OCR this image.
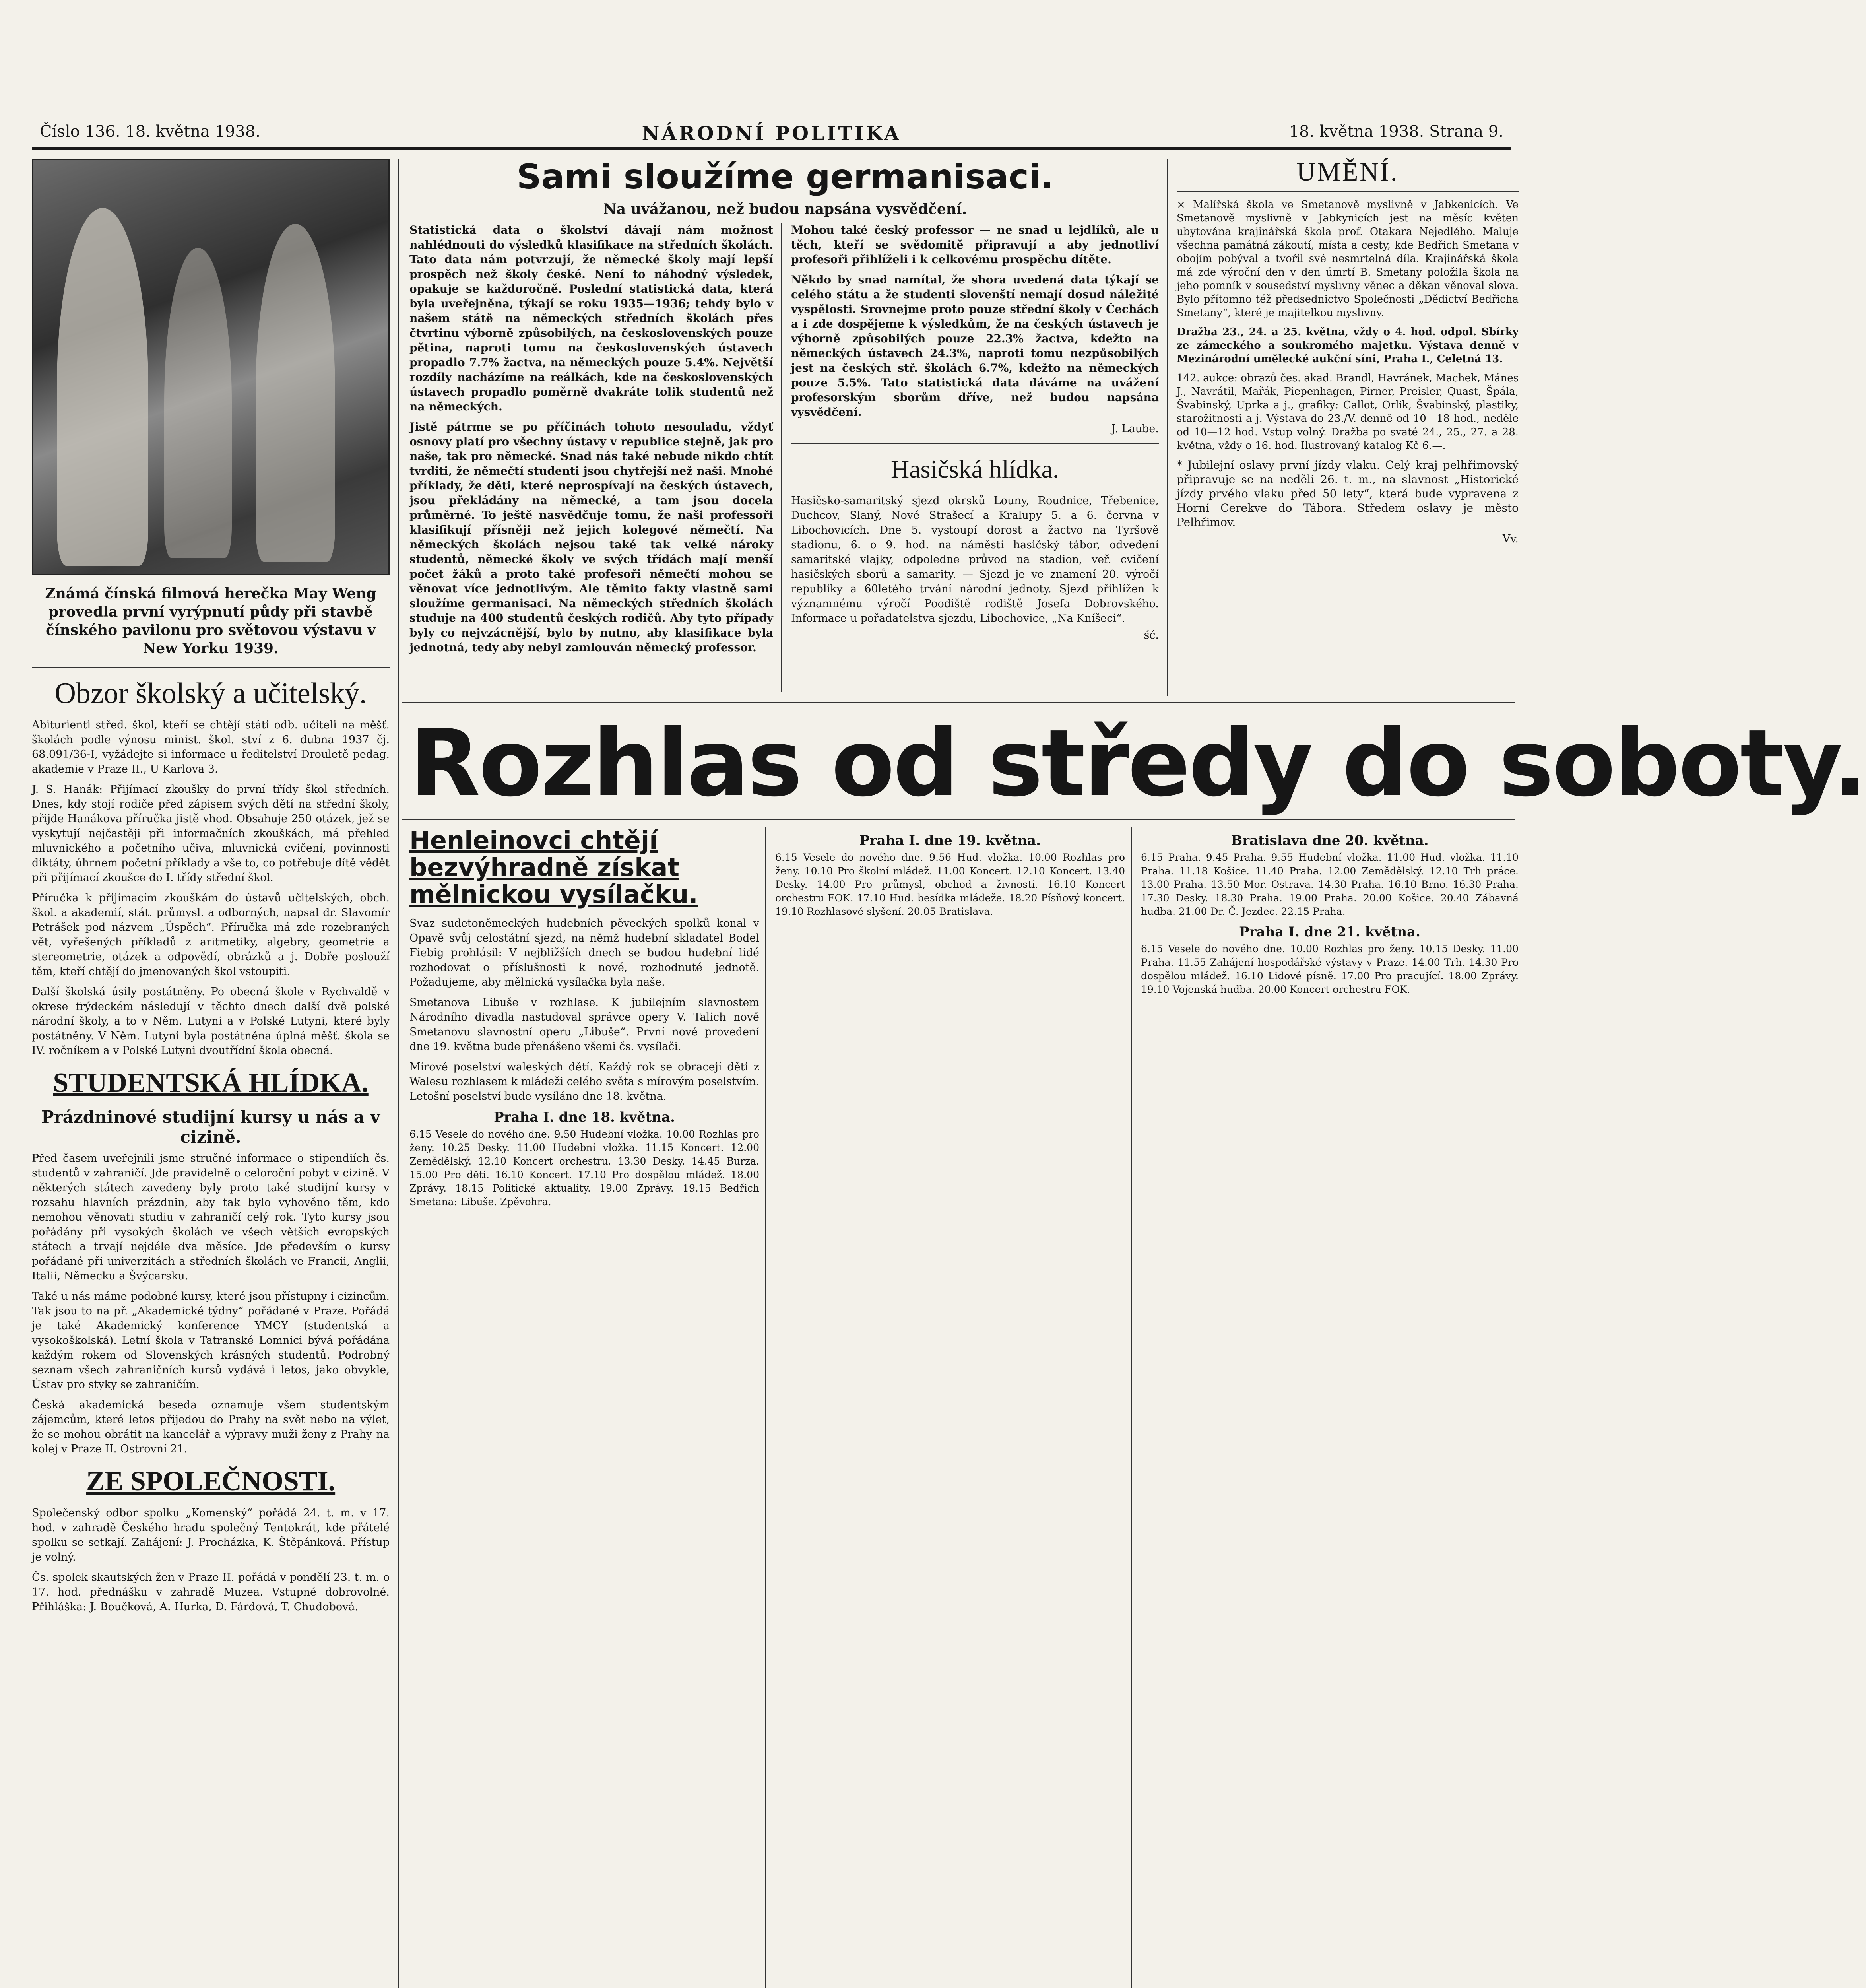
Číslo 136. 18. května 1938.	NÁRODNÍ POLITIKA	18. května 1938. Strana 9.
Známá čínská filmová herečka May Weng provedla první vyrýpnutí půdy při stavbě čínského pavilonu pro světovou výstavu v New Yorku 1939.
Obzor školský a učitelský.

Abiturienti střed. škol, kteří se chtějí státi odb. učiteli na měšť. školách podle výnosu minist. škol. ství z 6. dubna 1937 čj. 68.091/36-I, vyžádejte si informace u ředitelství Drouletě pedag. akademie v Praze II., U Karlova 3.

J. S. Hanák: Přijímací zkoušky do první třídy škol středních. Dnes, kdy stojí rodiče před zápisem svých dětí na střední školy, přijde Hanákova příručka jistě vhod. Obsahuje 250 otázek, jež se vyskytují nejčastěji při informačních zkouškách, má přehled mluvnického a početního učiva, mluvnická cvičení, povinnosti diktáty, úhrnem početní příklady a vše to, co potřebuje dítě vědět při přijímací zkoušce do I. třídy střední škol.

Příručka k přijímacím zkouškám do ústavů učitelských, obch. škol. a akademií, stát. průmysl. a odborných, napsal dr. Slavomír Petrášek pod názvem „Úspěch“. Příručka má zde rozebraných vět, vyřešených příkladů z aritmetiky, algebry, geometrie a stereometrie, otázek a odpovědí, obrázků a j. Dobře poslouží těm, kteří chtějí do jmenovaných škol vstoupiti.

Další školská úsily postátněny. Po obecná škole v Rychvaldě v okrese frýdeckém následují v těchto dnech další dvě polské národní školy, a to v Něm. Lutyni a v Polské Lutyni, které byly postátněny. V Něm. Lutyni byla postátněna úplná měšť. škola se IV. ročníkem a v Polské Lutyni dvoutřídní škola obecná.

STUDENTSKÁ HLÍDKA.
Prázdninové studijní kursy u nás a v cizině.

Před časem uveřejnili jsme stručné informace o stipendiích čs. studentů v zahraničí. Jde pravidelně o celoroční pobyt v cizině. V některých státech zavedeny byly proto také studijní kursy v rozsahu hlavních prázdnin, aby tak bylo vyhověno těm, kdo nemohou věnovati studiu v zahraničí celý rok. Tyto kursy jsou pořádány při vysokých školách ve všech větších evropských státech a trvají nejdéle dva měsíce. Jde především o kursy pořádané při univerzitách a středních školách ve Francii, Anglii, Italii, Německu a Švýcarsku.

Také u nás máme podobné kursy, které jsou přístupny i cizincům. Tak jsou to na př. „Akademické týdny“ pořádané v Praze. Pořádá je také Akademický konference YMCY (studentská a vysokoškolská). Letní škola v Tatranské Lomnici bývá pořádána každým rokem od Slovenských krásných studentů. Podrobný seznam všech zahraničních kursů vydává i letos, jako obvykle, Ústav pro styky se zahraničím.

Česká akademická beseda oznamuje všem studentským zájemcům, které letos přijedou do Prahy na svět nebo na výlet, že se mohou obrátit na kancelář a výpravy muži ženy z Prahy na kolej v Praze II. Ostrovní 21.

ZE SPOLEČNOSTI.

Společenský odbor spolku „Komenský“ pořádá 24. t. m. v 17. hod. v zahradě Českého hradu společný Tentokrát, kde přátelé spolku se setkají. Zahájení: J. Procházka, K. Štěpánková. Přístup je volný.

Čs. spolek skautských žen v Praze II. pořádá v pondělí 23. t. m. o 17. hod. přednášku v zahradě Muzea. Vstupné dobrovolné. Přihláška: J. Boučková, A. Hurka, D. Fárdová, T. Chudobová.

Sami sloužíme germanisaci.
Na uvážanou, než budou napsána vysvědčení.

Statistická data o školství dávají nám možnost nahlédnouti do výsledků klasifikace na středních školách. Tato data nám potvrzují, že německé školy mají lepší prospěch než školy české. Není to náhodný výsledek, opakuje se každoročně. Poslední statistická data, která byla uveřejněna, týkají se roku 1935—1936; tehdy bylo v našem státě na německých středních školách přes čtvrtinu výborně způsobilých, na československých pouze pětina, naproti tomu na československých ústavech propadlo 7.7% žactva, na německých pouze 5.4%. Největší rozdíly nacházíme na reálkách, kde na československých ústavech propadlo poměrně dvakráte tolik studentů než na německých.

Jistě pátrme se po příčinách tohoto nesouladu, vždyť osnovy platí pro všechny ústavy v republice stejně, jak pro naše, tak pro německé. Snad nás také nebude nikdo chtít tvrditi, že němečtí studenti jsou chytřejší než naši. Mnohé příklady, že děti, které neprospívají na českých ústavech, jsou překládány na německé, a tam jsou docela průměrné. To ještě nasvědčuje tomu, že naši professoři klasifikují přísněji než jejich kolegové němečtí. Na německých školách nejsou také tak velké nároky studentů, německé školy ve svých třídách mají menší počet žáků a proto také profesoři němečtí mohou se věnovat více jednotlivým. Ale těmito fakty vlastně sami sloužíme germanisaci. Na německých středních školách studuje na 400 studentů českých rodičů. Aby tyto případy byly co nejvzácnější, bylo by nutno, aby klasifikace byla jednotná, tedy aby nebyl zamlouván německý professor.

Mohou také český professor — ne snad u lejdlíků, ale u těch, kteří se svědomitě připravují a aby jednotliví profesoři přihlíželi i k celkovému prospěchu dítěte.

Někdo by snad namítal, že shora uvedená data týkají se celého státu a že studenti slovenští nemají dosud náležité vyspělosti. Srovnejme proto pouze střední školy v Čechách a i zde dospějeme k výsledkům, že na českých ústavech je výborně způsobilých pouze 22.3% žactva, kdežto na německých ústavech 24.3%, naproti tomu nezpůsobilých jest na českých stř. školách 6.7%, kdežto na německých pouze 5.5%. Tato statistická data dáváme na uvážení profesorským sborům dříve, než budou napsána vysvědčení.

J. Laube.
Hasičská hlídka.

Hasičsko-samaritský sjezd okrsků Louny, Roudnice, Třebenice, Duchcov, Slaný, Nové Strašecí a Kralupy 5. a 6. června v Libochovicích. Dne 5. vystoupí dorost a žactvo na Tyršově stadionu, 6. o 9. hod. na náměstí hasičský tábor, odvedení samaritské vlajky, odpoledne průvod na stadion, veř. cvičení hasičských sborů a samarity. — Sjezd je ve znamení 20. výročí republiky a 60letého trvání národní jednoty. Sjezd přihlížen k významnému výročí Poodiště rodiště Josefa Dobrovského. Informace u pořadatelstva sjezdu, Libochovice, „Na Kníšeci“.

ść.
UMĚNÍ.

× Malířská škola ve Smetanově myslivně v Jabkenicích. Ve Smetanově myslivně v Jabkynicích jest na měsíc květen ubytována krajinářská škola prof. Otakara Nejedlého. Maluje všechna památná zákoutí, místa a cesty, kde Bedřich Smetana v obojím pobýval a tvořil své nesmrtelná díla. Krajinářská škola má zde výroční den v den úmrtí B. Smetany položila škola na jeho pomník v sousedství myslivny věnec a děkan věnoval slova. Bylo přítomno též předsednictvo Společnosti „Dědictví Bedřicha Smetany“, které je majitelkou myslivny.

Dražba 23., 24. a 25. května, vždy o 4. hod. odpol. Sbírky ze zámeckého a soukromého majetku. Výstava denně v Mezinárodní umělecké aukční síni, Praha I., Celetná 13.

142. aukce: obrazů čes. akad. Brandl, Havránek, Machek, Mánes J., Navrátil, Mařák, Piepenhagen, Pirner, Preisler, Quast, Špála, Švabinský, Uprka a j., grafiky: Callot, Orlik, Švabinský, plastiky, starožitnosti a j. Výstava do 23./V. denně od 10—18 hod., neděle od 10—12 hod. Vstup volný. Dražba po svaté 24., 25., 27. a 28. května, vždy o 16. hod. Ilustrovaný katalog Kč 6.—.

* Jubilejní oslavy první jízdy vlaku. Celý kraj pelhřimovský připravuje se na neděli 26. t. m., na slavnost „Historické jízdy prvého vlaku před 50 lety“, která bude vypravena z Horní Cerekve do Tábora. Středem oslavy je město Pelhřimov.

Vv.
Rozhlas od středy do soboty.
Henleinovci chtějí bezvýhradně získat mělnickou vysílačku.

Svaz sudetoněmeckých hudebních pěveckých spolků konal v Opavě svůj celostátní sjezd, na němž hudební skladatel Bodel Fiebig prohlásil: V nejbližších dnech se budou hudební lidé rozhodovat o příslušnosti k nové, rozhodnuté jednotě. Požadujeme, aby mělnická vysílačka byla naše.

Smetanova Libuše v rozhlase. K jubilejním slavnostem Národního divadla nastudoval správce opery V. Talich nově Smetanovu slavnostní operu „Libuše“. První nové provedení dne 19. května bude přenášeno všemi čs. vysílači.

Mírové poselství waleských dětí. Každý rok se obracejí děti z Walesu rozhlasem k mládeži celého světa s mírovým poselstvím. Letošní poselství bude vysíláno dne 18. května.

Praha I. dne 18. května.

6.15 Vesele do nového dne. 9.50 Hudební vložka. 10.00 Rozhlas pro ženy. 10.25 Desky. 11.00 Hudební vložka. 11.15 Koncert. 12.00 Zemědělský. 12.10 Koncert orchestru. 13.30 Desky. 14.45 Burza. 15.00 Pro děti. 16.10 Koncert. 17.10 Pro dospělou mládež. 18.00 Zprávy. 18.15 Politické aktuality. 19.00 Zprávy. 19.15 Bedřich Smetana: Libuše. Zpěvohra.

Praha I. dne 19. května.

6.15 Vesele do nového dne. 9.56 Hud. vložka. 10.00 Rozhlas pro ženy. 10.10 Pro školní mládež. 11.00 Koncert. 12.10 Koncert. 13.40 Desky. 14.00 Pro průmysl, obchod a živnosti. 16.10 Koncert orchestru FOK. 17.10 Hud. besídka mládeže. 18.20 Písňový koncert. 19.10 Rozhlasové slyšení. 20.05 Bratislava.

Bratislava dne 20. května.

6.15 Praha. 9.45 Praha. 9.55 Hudební vložka. 11.00 Hud. vložka. 11.10 Praha. 11.18 Košice. 11.40 Praha. 12.00 Zemědělský. 12.10 Trh práce. 13.00 Praha. 13.50 Mor. Ostrava. 14.30 Praha. 16.10 Brno. 16.30 Praha. 17.30 Desky. 18.30 Praha. 19.00 Praha. 20.00 Košice. 20.40 Zábavná hudba. 21.00 Dr. Č. Jezdec. 22.15 Praha.

Praha I. dne 21. května.

6.15 Vesele do nového dne. 10.00 Rozhlas pro ženy. 10.15 Desky. 11.00 Praha. 11.55 Zahájení hospodářské výstavy v Praze. 14.00 Trh. 14.30 Pro dospělou mládež. 16.10 Lidové písně. 17.00 Pro pracující. 18.00 Zprávy. 19.10 Vojenská hudba. 20.00 Koncert orchestru FOK.
